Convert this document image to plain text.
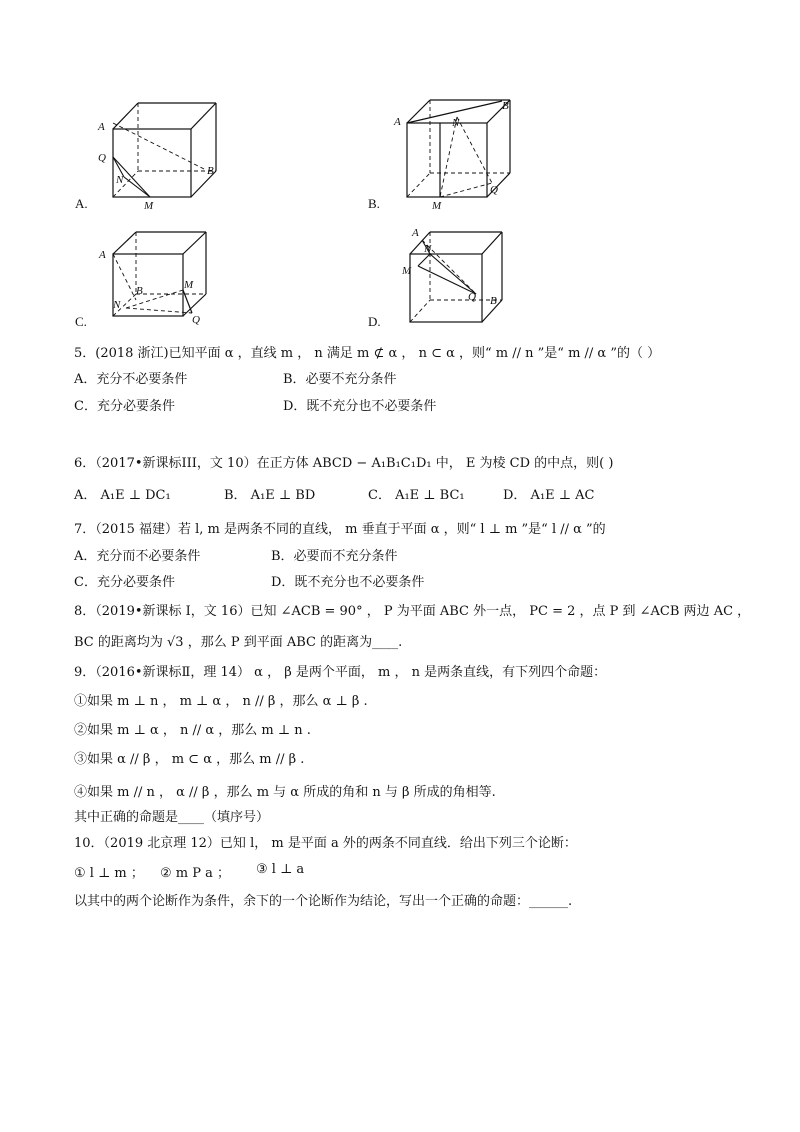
A
Q
N
M
B
A.
A	N
B
M
Q
B.
A
B	M
N
Q
C.
A
N
M
Q B
D.
5．(2018 浙江)已知平面 α ，直线 m ， n 满足 m ⊄ α ， n ⊂ α ，则“ m // n ”是“ m // α ”的（ ）
A．充分不必要条件	B．必要不充分条件
C．充分必要条件	D．既不充分也不必要条件
6．（2017•新课标III，文 10）在正方体 ABCD − A₁B₁C₁D₁ 中， E 为棱 CD 的中点，则( )
A． A₁E ⊥ DC₁	B． A₁E ⊥ BD	C． A₁E ⊥ BC₁	D． A₁E ⊥ AC
7．（2015 福建）若 l, m 是两条不同的直线， m 垂直于平面 α ，则“ l ⊥ m ”是“ l // α ”的
A．充分而不必要条件	B．必要而不充分条件
C．充分必要条件	D．既不充分也不必要条件
8．（2019•新课标 I，文 16）已知 ∠ACB = 90° ， P 为平面 ABC 外一点， PC = 2 ，点 P 到 ∠ACB 两边 AC ，
BC 的距离均为 √3 ，那么 P 到平面 ABC 的距离为____.
9．（2016•新课标Ⅱ，理 14） α ， β 是两个平面， m ， n 是两条直线，有下列四个命题：
①如果 m ⊥ n ， m ⊥ α ， n // β ，那么 α ⊥ β .
②如果 m ⊥ α ， n // α ，那么 m ⊥ n .
③如果 α // β ， m ⊂ α ，那么 m // β .
④如果 m // n ， α // β ，那么 m 与 α 所成的角和 n 与 β 所成的角相等.
其中正确的命题是____（填序号）
10．（2019 北京理 12）已知 l， m 是平面 a 外的两条不同直线．给出下列三个论断：
① l ⊥ m ； ② m P a ； ③ l ⊥ a
以其中的两个论断作为条件，余下的一个论断作为结论，写出一个正确的命题：______.
